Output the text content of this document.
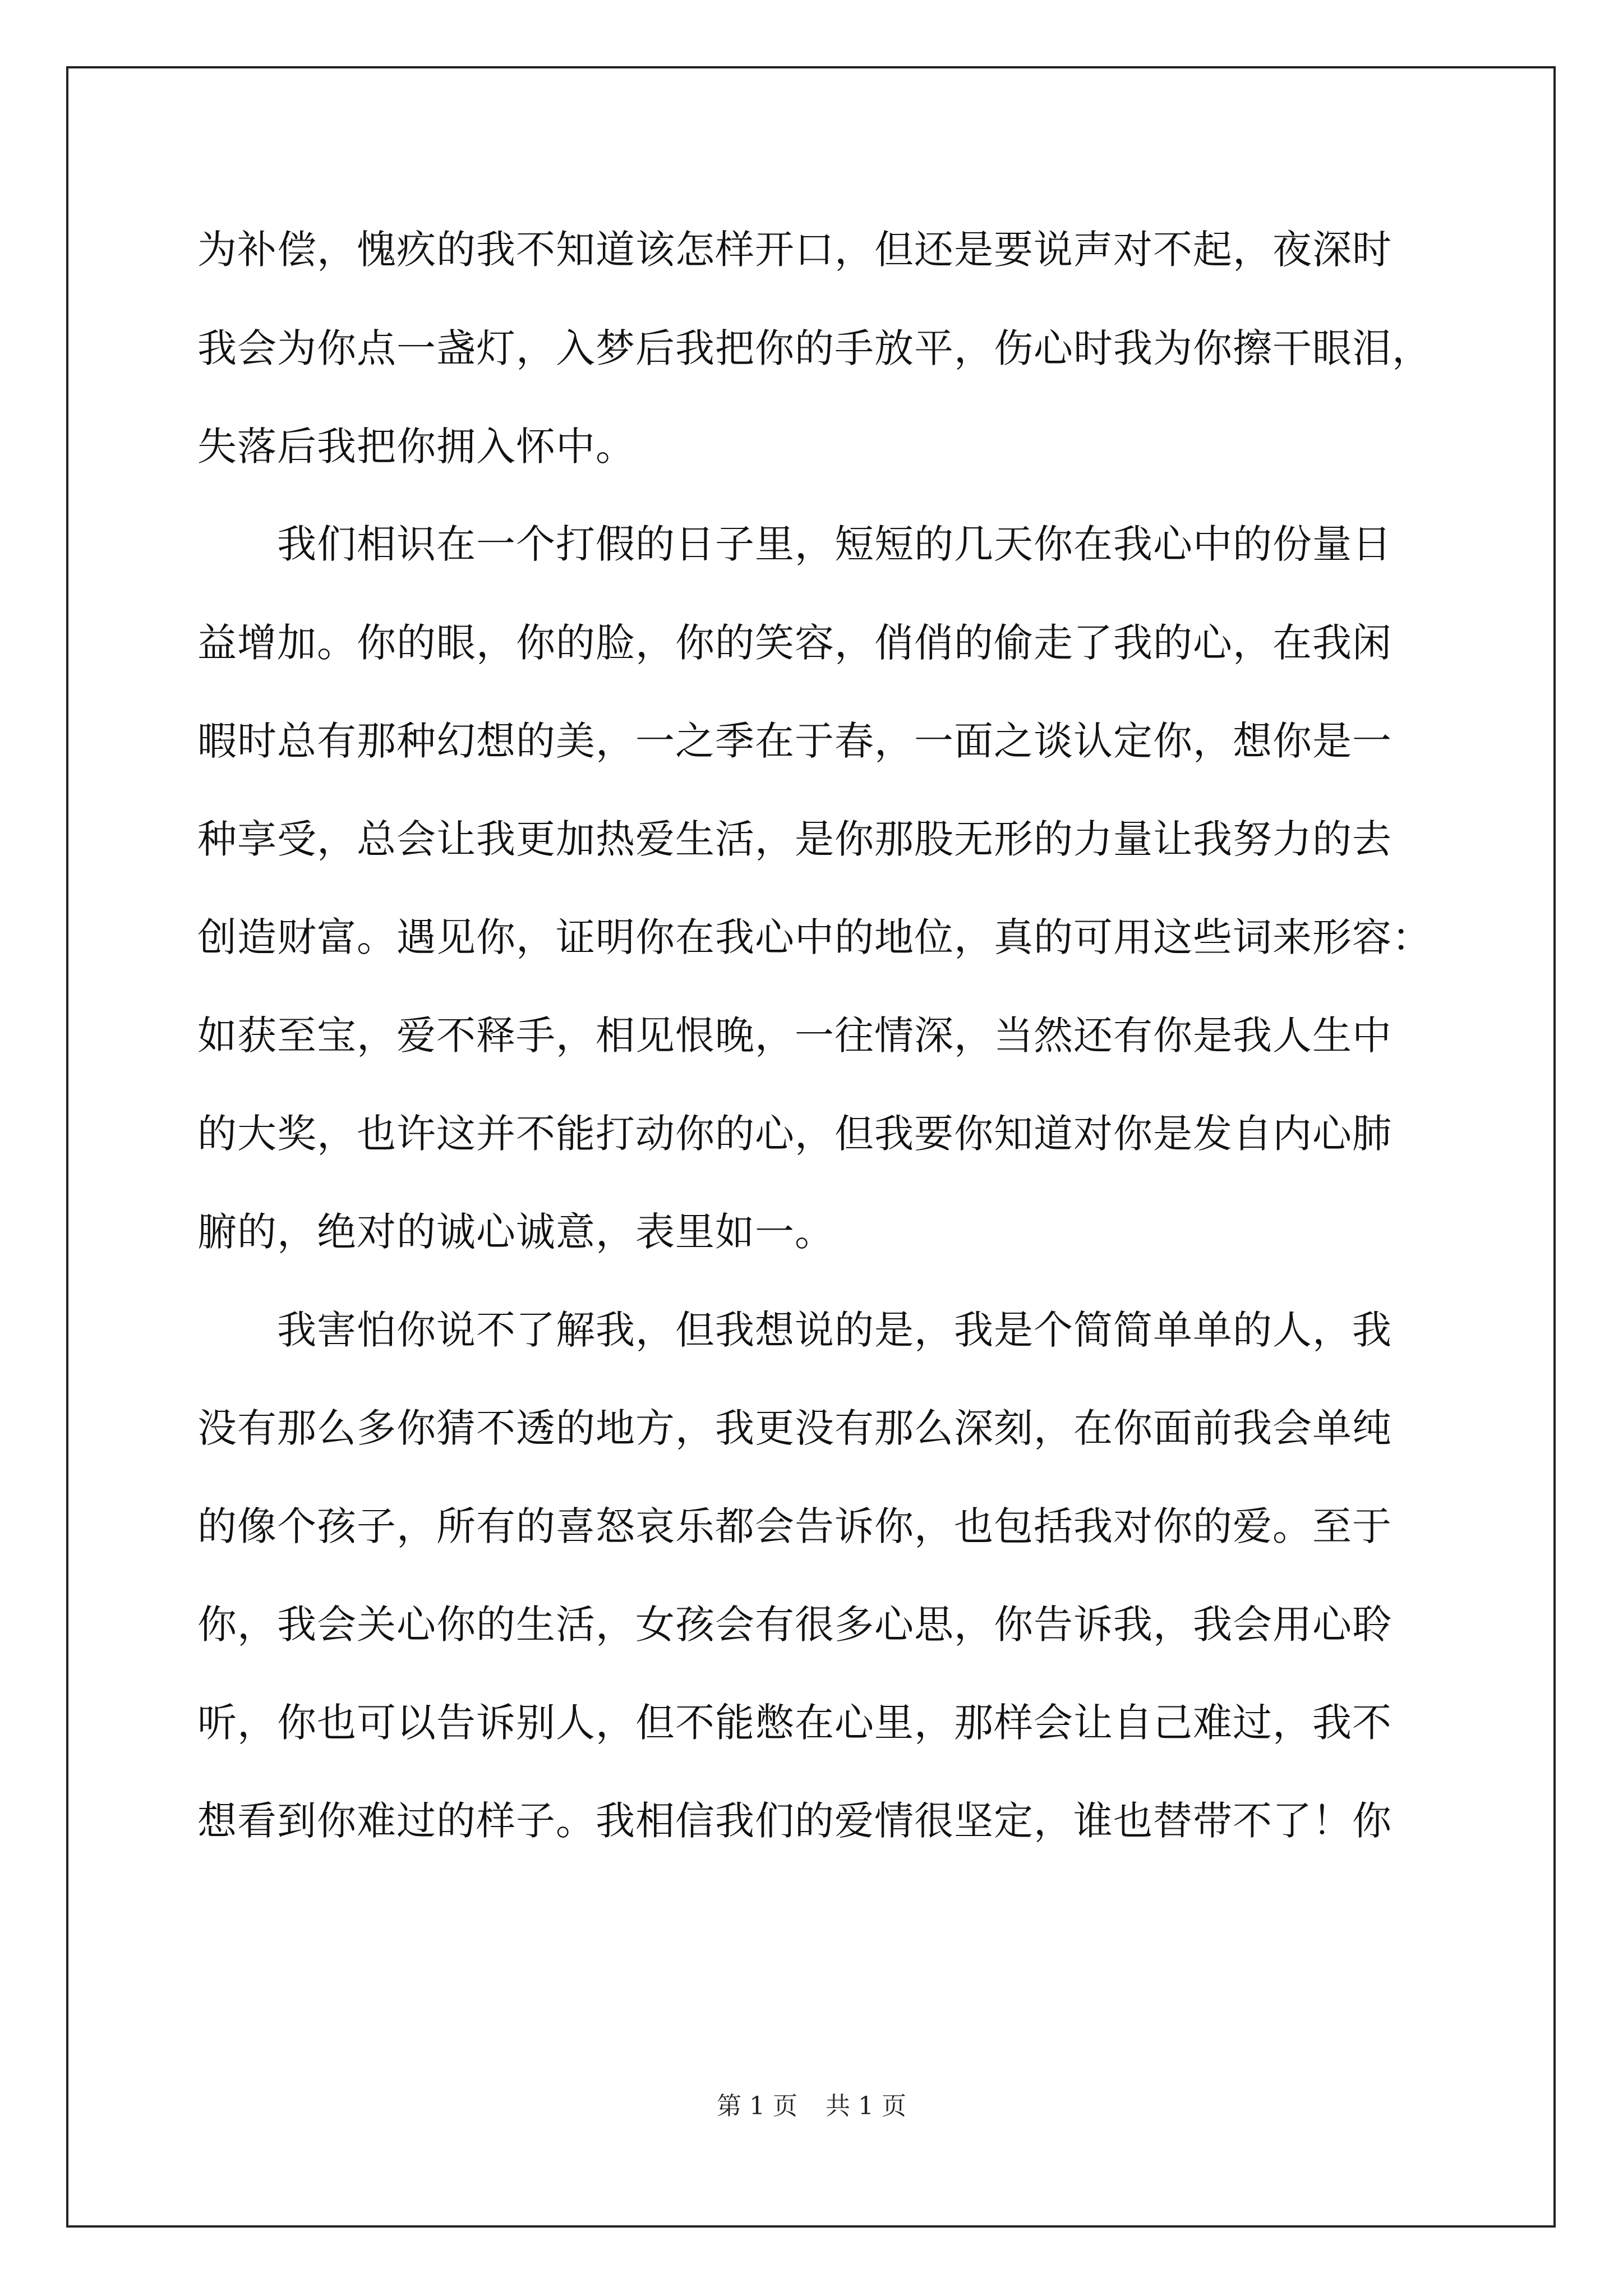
为补偿，愧疚的我不知道该怎样开口，但还是要说声对不起，夜深时
我会为你点一盏灯，入梦后我把你的手放平，伤心时我为你擦干眼泪，
失落后我把你拥入怀中。
　　我们相识在一个打假的日子里，短短的几天你在我心中的份量日
益增加。你的眼，你的脸，你的笑容，俏俏的偷走了我的心，在我闲
暇时总有那种幻想的美，一之季在于春，一面之谈认定你，想你是一
种享受，总会让我更加热爱生活，是你那股无形的力量让我努力的去
创造财富。遇见你，证明你在我心中的地位，真的可用这些词来形容：
如获至宝，爱不释手，相见恨晚，一往情深，当然还有你是我人生中
的大奖，也许这并不能打动你的心，但我要你知道对你是发自内心肺
腑的，绝对的诚心诚意，表里如一。
　　我害怕你说不了解我，但我想说的是，我是个简简单单的人，我
没有那么多你猜不透的地方，我更没有那么深刻，在你面前我会单纯
的像个孩子，所有的喜怒哀乐都会告诉你，也包括我对你的爱。至于
你，我会关心你的生活，女孩会有很多心思，你告诉我，我会用心聆
听，你也可以告诉别人，但不能憋在心里，那样会让自己难过，我不
想看到你难过的样子。我相信我们的爱情很坚定，谁也替带不了！你
第 1 页 共 1 页
